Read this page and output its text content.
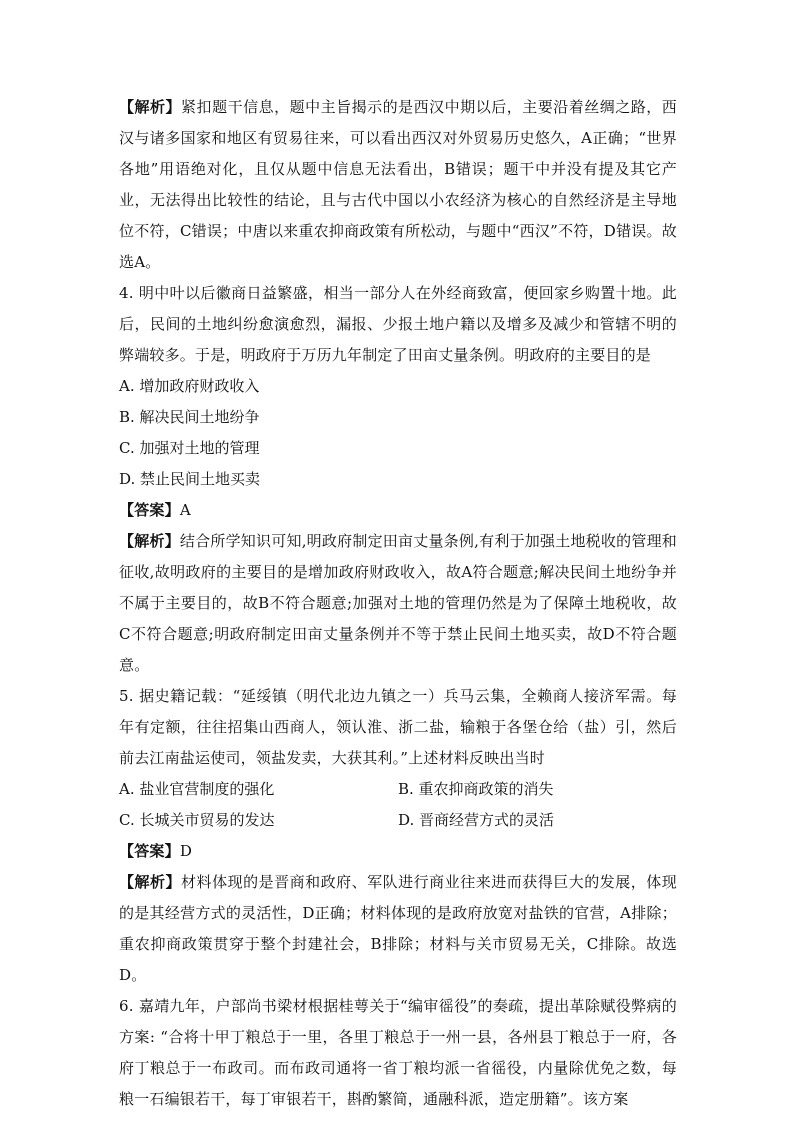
【解析】紧扣题干信息，题中主旨揭示的是西汉中期以后，主要沿着丝绸之路，西汉与诸多国家和地区有贸易往来，可以看出西汉对外贸易历史悠久，A正确；“世界各地”用语绝对化，且仅从题中信息无法看出，B错误；题干中并没有提及其它产业，无法得出比较性的结论，且与古代中国以小农经济为核心的自然经济是主导地位不符，C错误；中唐以来重农抑商政策有所松动，与题中“西汉”不符，D错误。故选A。

4. 明中叶以后徽商日益繁盛，相当一部分人在外经商致富，便回家乡购置十地。此后，民间的土地纠纷愈演愈烈，漏报、少报土地户籍以及增多及减少和管辖不明的弊端较多。于是，明政府于万历九年制定了田亩丈量条例。明政府的主要目的是

A. 增加政府财政收入

B. 解决民间土地纷争

C. 加强对土地的管理

D. 禁止民间土地买卖

【答案】A

【解析】结合所学知识可知,明政府制定田亩丈量条例,有利于加强土地税收的管理和征收,故明政府的主要目的是增加政府财政收入，故A符合题意;解决民间土地纷争并不属于主要目的，故B不符合题意;加强对土地的管理仍然是为了保障土地税收，故C不符合题意;明政府制定田亩丈量条例并不等于禁止民间土地买卖，故D不符合题意。

5. 据史籍记载：“延绥镇（明代北边九镇之一）兵马云集，全赖商人接济军需。每年有定额，往往招集山西商人，领认淮、浙二盐，输粮于各堡仓给（盐）引，然后前去江南盐运使司，领盐发卖，大获其利。”上述材料反映出当时

A. 盐业官营制度的强化	B. 重农抑商政策的消失

C. 长城关市贸易的发达	D. 晋商经营方式的灵活

【答案】D

【解析】材料体现的是晋商和政府、军队进行商业往来进而获得巨大的发展，体现的是其经营方式的灵活性，D正确；材料体现的是政府放宽对盐铁的官营，A排除；重农抑商政策贯穿于整个封建社会，B排除；材料与关市贸易无关，C排除。故选D。

6. 嘉靖九年，户部尚书梁材根据桂萼关于“编审徭役”的奏疏，提出革除赋役弊病的方案: “合将十甲丁粮总于一里，各里丁粮总于一州一县，各州县丁粮总于一府，各府丁粮总于一布政司。而布政司通将一省丁粮均派一省徭役，内量除优免之数，每粮一石编银若干，每丁审银若干，斟酌繁简，通融科派，造定册籍”。该方案
